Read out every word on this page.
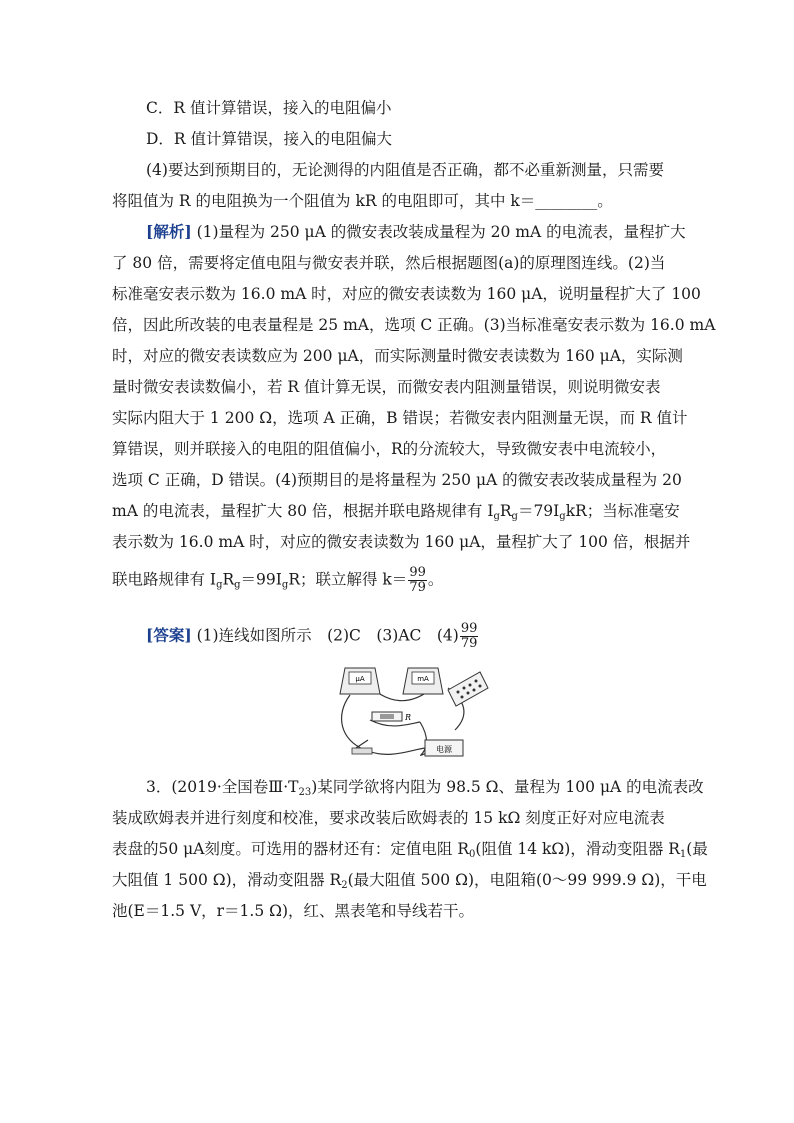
C．R 值计算错误，接入的电阻偏小
D．R 值计算错误，接入的电阻偏大
(4)要达到预期目的，无论测得的内阻值是否正确，都不必重新测量，只需要
将阻值为 R 的电阻换为一个阻值为 kR 的电阻即可，其中 k＝________。
[解析] (1)量程为 250 μA 的微安表改装成量程为 20 mA 的电流表，量程扩大
了 80 倍，需要将定值电阻与微安表并联，然后根据题图(a)的原理图连线。(2)当
标准毫安表示数为 16.0 mA 时，对应的微安表读数为 160 μA，说明量程扩大了 100
倍，因此所改装的电表量程是 25 mA，选项 C 正确。(3)当标准毫安表示数为 16.0 mA
时，对应的微安表读数应为 200 μA，而实际测量时微安表读数为 160 μA，实际测
量时微安表读数偏小，若 R 值计算无误，而微安表内阻测量错误，则说明微安表
实际内阻大于 1 200 Ω，选项 A 正确，B 错误；若微安表内阻测量无误，而 R 值计
算错误，则并联接入的电阻的阻值偏小，R的分流较大，导致微安表中电流较小，
选项 C 正确，D 错误。(4)预期目的是将量程为 250 μA 的微安表改装成量程为 20
mA 的电流表，量程扩大 80 倍，根据并联电路规律有 $I_gR_g=79I_gkR$；当标准毫安
表示数为 16.0 mA 时，对应的微安表读数为 160 μA，量程扩大了 100 倍，根据并
联电路规律有 $I_gR_g=99I_gR$；联立解得 $k= \frac{99}{79}$ 。
[答案] (1)连线如图所示　(2)C　(3)AC　$(4) \frac{99}{79}$
μA	mA
R
电源
3．(2019·全国卷$Ⅲ\cdot T_{23}$)某同学欲将内阻为 98.5 Ω、量程为 100 μA 的电流表改
装成欧姆表并进行刻度和校准，要求改装后欧姆表的 15 kΩ 刻度正好对应电流表
表盘的50 μA刻度。可选用的器材还有：定值电阻 $R_0$(阻值 14 kΩ)，滑动变阻器 $R_1$(最
大阻值 1 500 Ω)，滑动变阻器 $R_2$(最大阻值 500 Ω)，电阻箱(0～99 999.9 Ω)，干电
池(E＝1.5 V，r＝1.5 Ω)，红、黑表笔和导线若干。
